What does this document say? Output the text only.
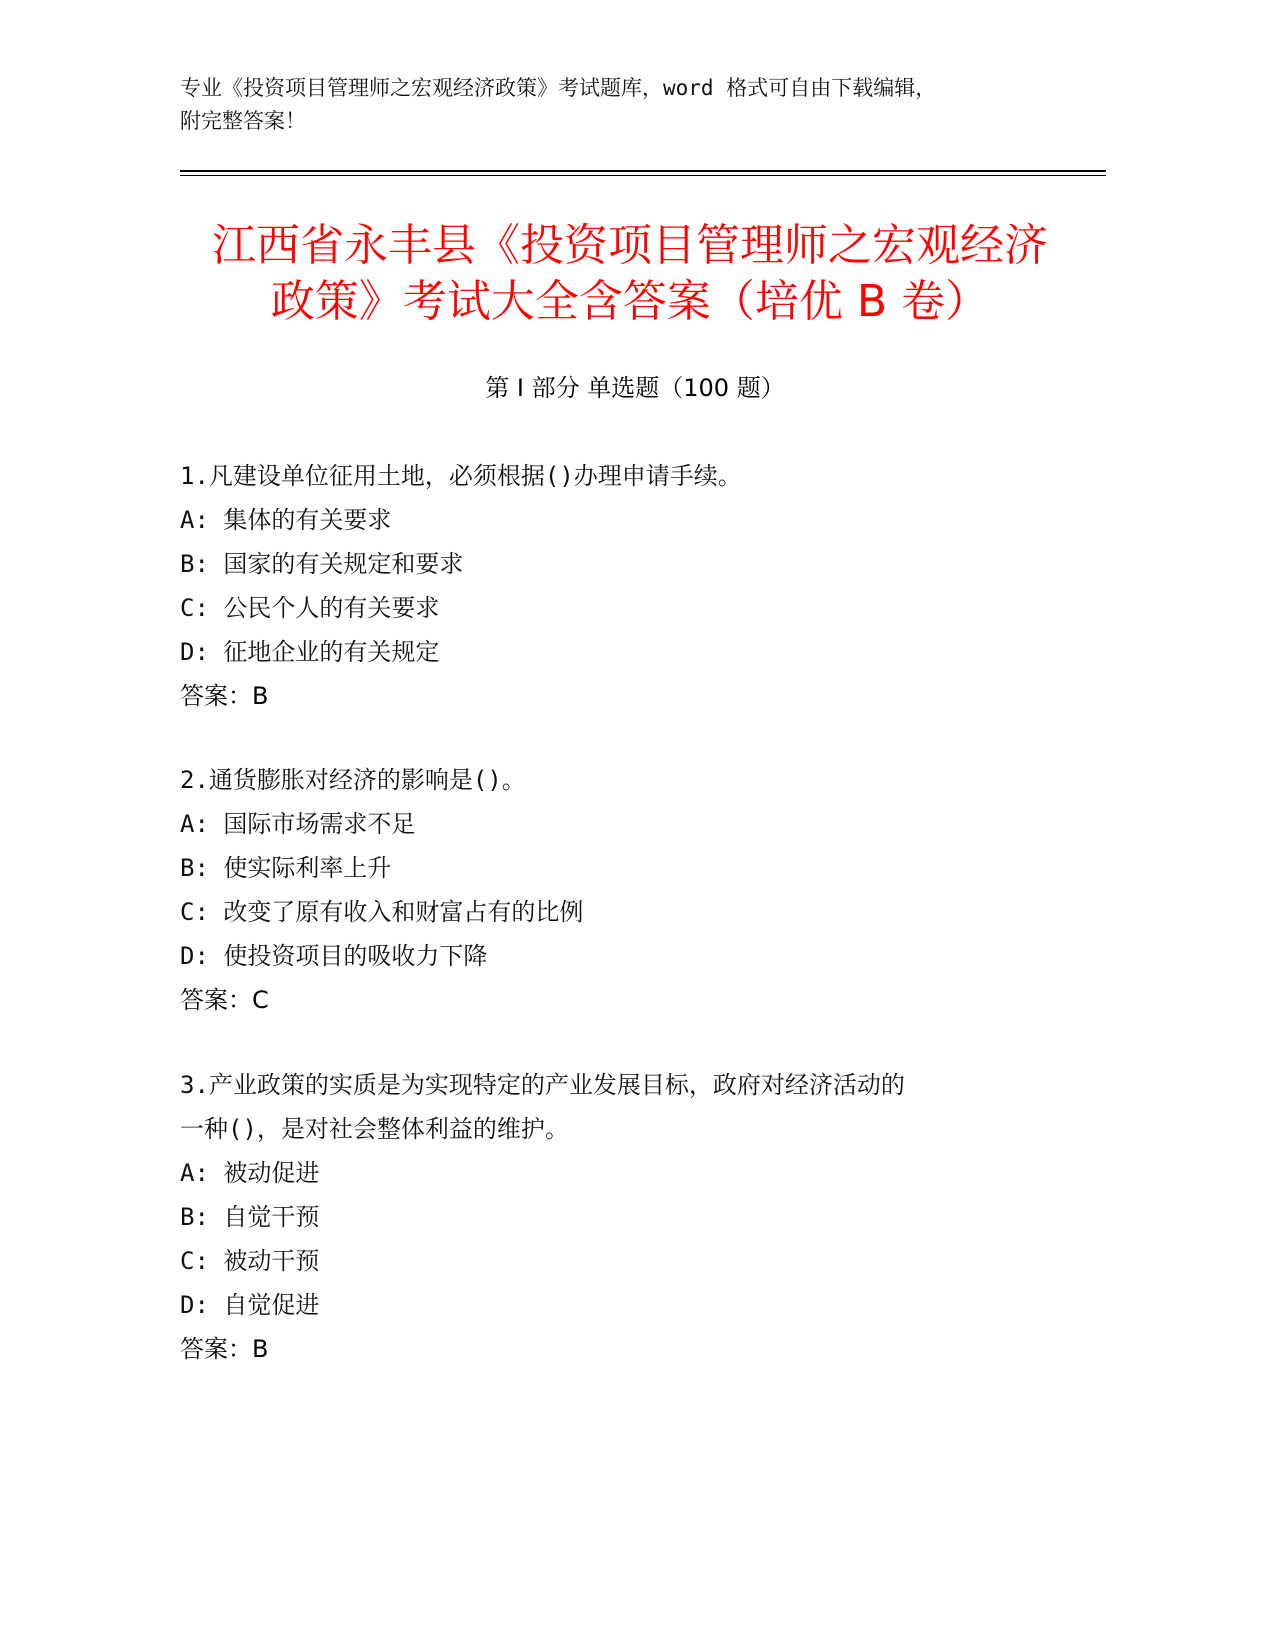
专业《投资项目管理师之宏观经济政策》考试题库，word 格式可自由下载编辑，
附完整答案！
江西省永丰县《投资项目管理师之宏观经济
政策》考试大全含答案（培优 B 卷）
第 I 部分 单选题（100 题）
1.凡建设单位征用土地，必须根据()办理申请手续。
A: 集体的有关要求
B: 国家的有关规定和要求
C: 公民个人的有关要求
D: 征地企业的有关规定
答案：B
2.通货膨胀对经济的影响是()。
A: 国际市场需求不足
B: 使实际利率上升
C: 改变了原有收入和财富占有的比例
D: 使投资项目的吸收力下降
答案：C
3.产业政策的实质是为实现特定的产业发展目标，政府对经济活动的
一种()，是对社会整体利益的维护。
A: 被动促进
B: 自觉干预
C: 被动干预
D: 自觉促进
答案：B
